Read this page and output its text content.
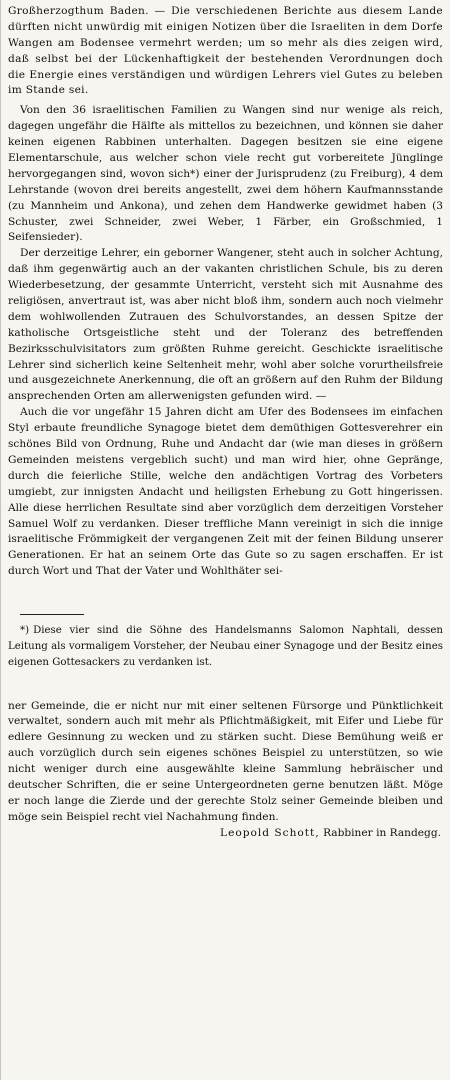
Großherzogthum Baden. — Die verschiedenen Berichte aus diesem Lande dürften nicht unwürdig mit einigen Notizen über die Israeliten in dem Dorfe Wangen am Bodensee vermehrt werden; um so mehr als dies zeigen wird, daß selbst bei der Lückenhaftigkeit der bestehenden Verordnungen doch die Energie eines verständigen und würdigen Lehrers viel Gutes zu beleben im Stande sei.

Von den 36 israelitischen Familien zu Wangen sind nur wenige als reich, dagegen ungefähr die Hälfte als mittellos zu bezeichnen, und können sie daher keinen eigenen Rabbinen unterhalten. Dagegen besitzen sie eine eigene Elementarschule, aus welcher schon viele recht gut vorbereitete Jünglinge hervorgegangen sind, wovon sich*) einer der Jurisprudenz (zu Freiburg), 4 dem Lehrstande (wovon drei bereits angestellt, zwei dem höhern Kaufmannsstande (zu Mannheim und Ankona), und zehen dem Handwerke gewidmet haben (3 Schuster, zwei Schneider, zwei Weber, 1 Färber, ein Großschmied, 1 Seifensieder).

Der derzeitige Lehrer, ein geborner Wangener, steht auch in solcher Achtung, daß ihm gegenwärtig auch an der vakanten christlichen Schule, bis zu deren Wiederbesetzung, der gesammte Unterricht, versteht sich mit Ausnahme des religiösen, anvertraut ist, was aber nicht bloß ihm, sondern auch noch vielmehr dem wohlwollenden Zutrauen des Schulvorstandes, an dessen Spitze der katholische Ortsgeistliche steht und der Toleranz des betreffenden Bezirksschulvisitators zum größten Ruhme gereicht. Geschickte israelitische Lehrer sind sicherlich keine Seltenheit mehr, wohl aber solche vorurtheilsfreie und ausgezeichnete Anerkennung, die oft an größern auf den Ruhm der Bildung ansprechenden Orten am allerwenigsten gefunden wird. —

Auch die vor ungefähr 15 Jahren dicht am Ufer des Bodensees im einfachen Styl erbaute freundliche Synagoge bietet dem demüthigen Gottesverehrer ein schönes Bild von Ordnung, Ruhe und Andacht dar (wie man dieses in größern Gemeinden meistens vergeblich sucht) und man wird hier, ohne Gepränge, durch die feierliche Stille, welche den andächtigen Vortrag des Vorbeters umgiebt, zur innigsten Andacht und heiligsten Erhebung zu Gott hingerissen. Alle diese herrlichen Resultate sind aber vorzüglich dem derzeitigen Vorsteher Samuel Wolf zu verdanken. Dieser treffliche Mann vereinigt in sich die innige israelitische Frömmigkeit der vergangenen Zeit mit der feinen Bildung unserer Generationen. Er hat an seinem Orte das Gute so zu sagen erschaffen. Er ist durch Wort und That der Vater und Wohlthäter sei-

*) Diese vier sind die Söhne des Handelsmanns Salomon Naphtali, dessen Leitung als vormaligem Vorsteher, der Neubau einer Synagoge und der Besitz eines eigenen Gottesackers zu verdanken ist.

ner Gemeinde, die er nicht nur mit einer seltenen Fürsorge und Pünktlichkeit verwaltet, sondern auch mit mehr als Pflichtmäßigkeit, mit Eifer und Liebe für edlere Gesinnung zu wecken und zu stärken sucht. Diese Bemühung weiß er auch vorzüglich durch sein eigenes schönes Beispiel zu unterstützen, so wie nicht weniger durch eine ausgewählte kleine Sammlung hebräischer und deutscher Schriften, die er seine Untergeordneten gerne benutzen läßt. Möge er noch lange die Zierde und der gerechte Stolz seiner Gemeinde bleiben und möge sein Beispiel recht viel Nachahmung finden.

Leopold Schott, Rabbiner in Randegg.
